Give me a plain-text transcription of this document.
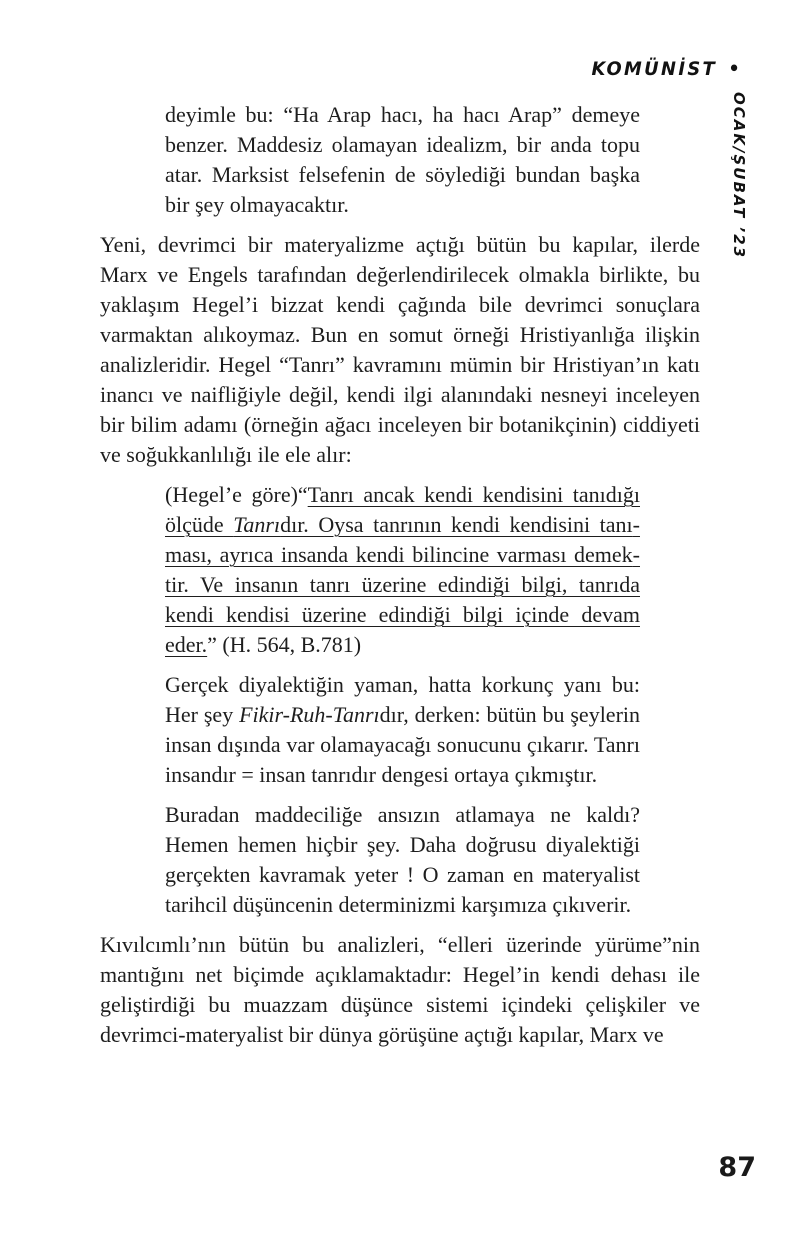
KOMÜNİST •
OCAK/ŞUBAT ’23

deyimle bu: “Ha Arap hacı, ha hacı Arap” demeye benzer. Maddesiz olamayan idealizm, bir anda topu atar. Marksist felsefenin de söylediği bundan başka bir şey olmayacaktır.

Yeni, devrimci bir materyalizme açtığı bütün bu kapılar, ilerde Marx ve Engels tarafından değerlendirilecek olmakla birlikte, bu yaklaşım Hegel’i bizzat kendi çağında bile devrimci sonuçlara varmaktan alıkoymaz. Bun en somut örneği Hristiyanlığa ilişkin analizleridir. Hegel “Tanrı” kavramını mümin bir Hristiyan’ın katı inancı ve naifliğiyle değil, kendi ilgi alanındaki nesneyi inceleyen bir bilim adamı (örneğin ağacı inceleyen bir botanikçinin) ciddiyeti ve soğukkanlılığı ile ele alır:

(Hegel’e göre)“Tanrı ancak kendi kendisini tanıdığı ölçüde Tanrıdır. Oysa tanrının kendi kendisini tanıması, ayrıca insanda kendi bilincine varması demektir. Ve insanın tanrı üzerine edindiği bilgi, tanrıda kendi kendisi üzerine edindiği bilgi içinde devam eder.” (H. 564, B.781)

Gerçek diyalektiğin yaman, hatta korkunç yanı bu: Her şey Fikir-Ruh-Tanrıdır, derken: bütün bu şeylerin insan dışında var olamayacağı sonucunu çıkarır. Tanrı insandır = insan tanrıdır dengesi ortaya çıkmıştır.

Buradan maddeciliğe ansızın atlamaya ne kaldı? Hemen hemen hiçbir şey. Daha doğrusu diyalektiği gerçekten kavramak yeter ! O zaman en materyalist tarihcil düşüncenin determinizmi karşımıza çıkıverir.

Kıvılcımlı’nın bütün bu analizleri, “elleri üzerinde yürüme”nin mantığını net biçimde açıklamaktadır: Hegel’in kendi dehası ile geliştirdiği bu muazzam düşünce sistemi içindeki çelişkiler ve devrimci-materyalist bir dünya görüşüne açtığı kapılar, Marx ve

87
